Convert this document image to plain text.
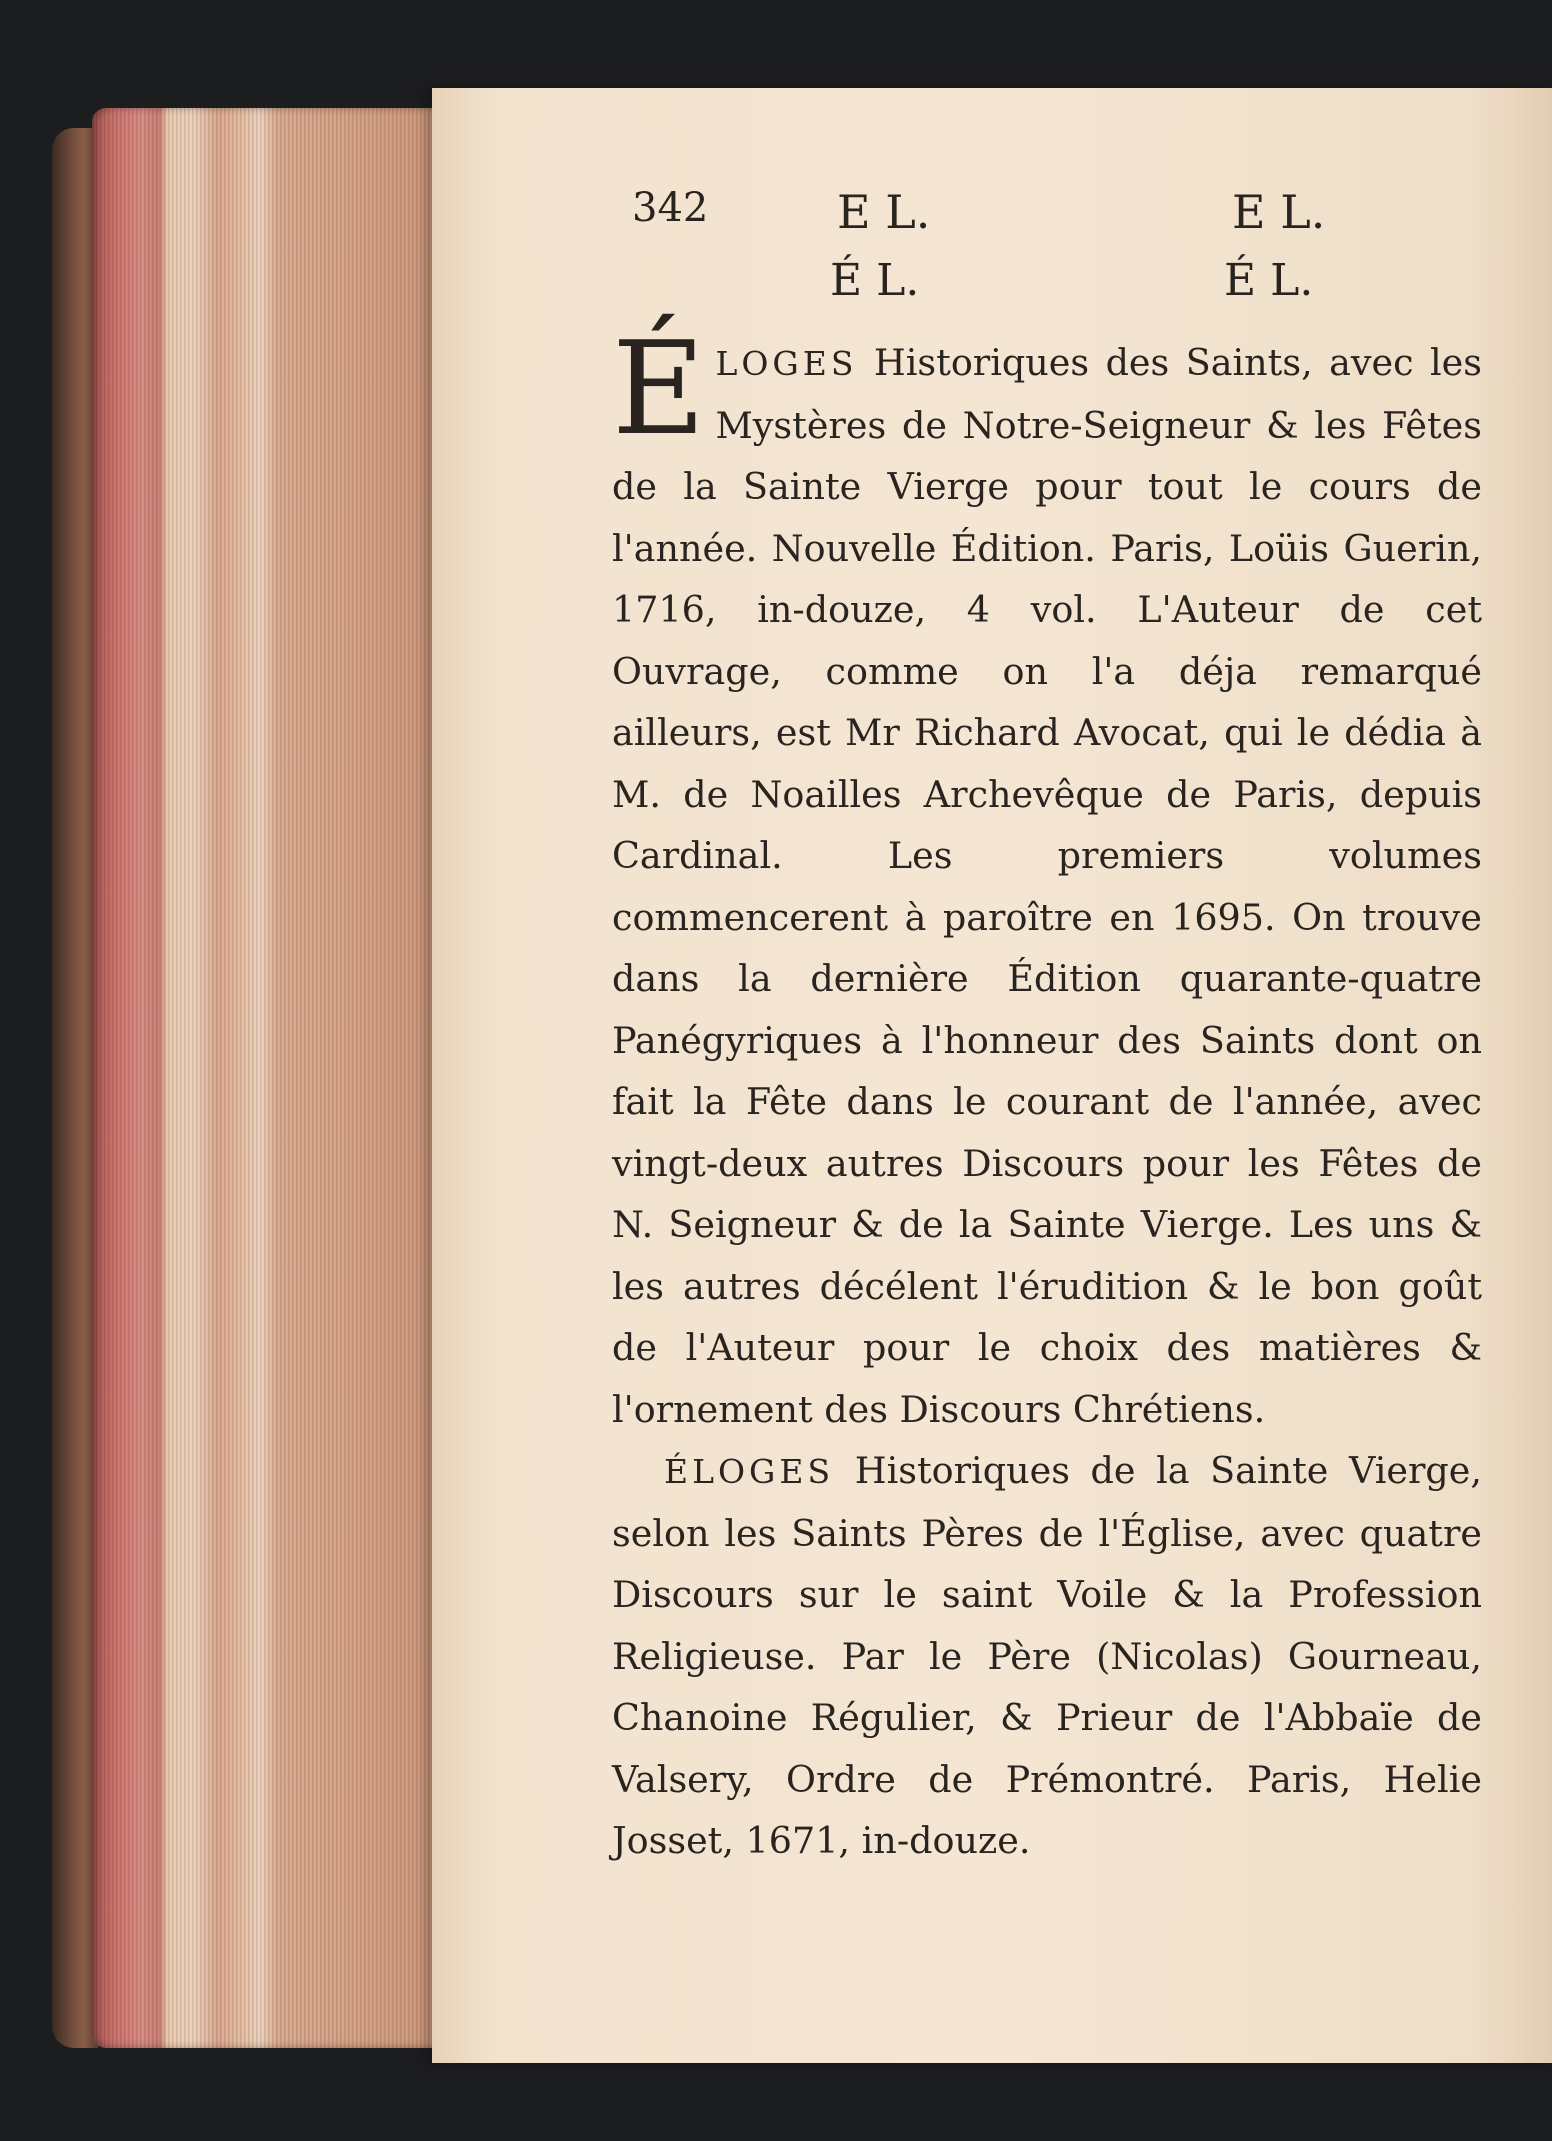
342	E L.	E L.
É L.	É L.

ÉLOGES Historiques des Saints, avec les Mystères de Notre-Seigneur & les Fêtes de la Sainte Vierge pour tout le cours de l'année. Nouvelle Édition. Paris, Loüis Guerin, 1716, in-douze, 4 vol. L'Auteur de cet Ouvrage, comme on l'a déja remarqué ailleurs, est Mr Richard Avocat, qui le dédia à M. de Noailles Archevêque de Paris, depuis Cardinal. Les premiers volumes commencerent à paroître en 1695. On trouve dans la dernière Édition quarante-quatre Panégyriques à l'honneur des Saints dont on fait la Fête dans le courant de l'année, avec vingt-deux autres Discours pour les Fêtes de N. Seigneur & de la Sainte Vierge. Les uns & les autres décélent l'érudition & le bon goût de l'Auteur pour le choix des matières & l'ornement des Discours Chrétiens.

ÉLOGES Historiques de la Sainte Vierge, selon les Saints Pères de l'Église, avec quatre Discours sur le saint Voile & la Profession Religieuse. Par le Père (Nicolas) Gourneau, Chanoine Régulier, & Prieur de l'Abbaïe de Valsery, Ordre de Prémontré. Paris, Helie Josset, 1671, in-douze.
